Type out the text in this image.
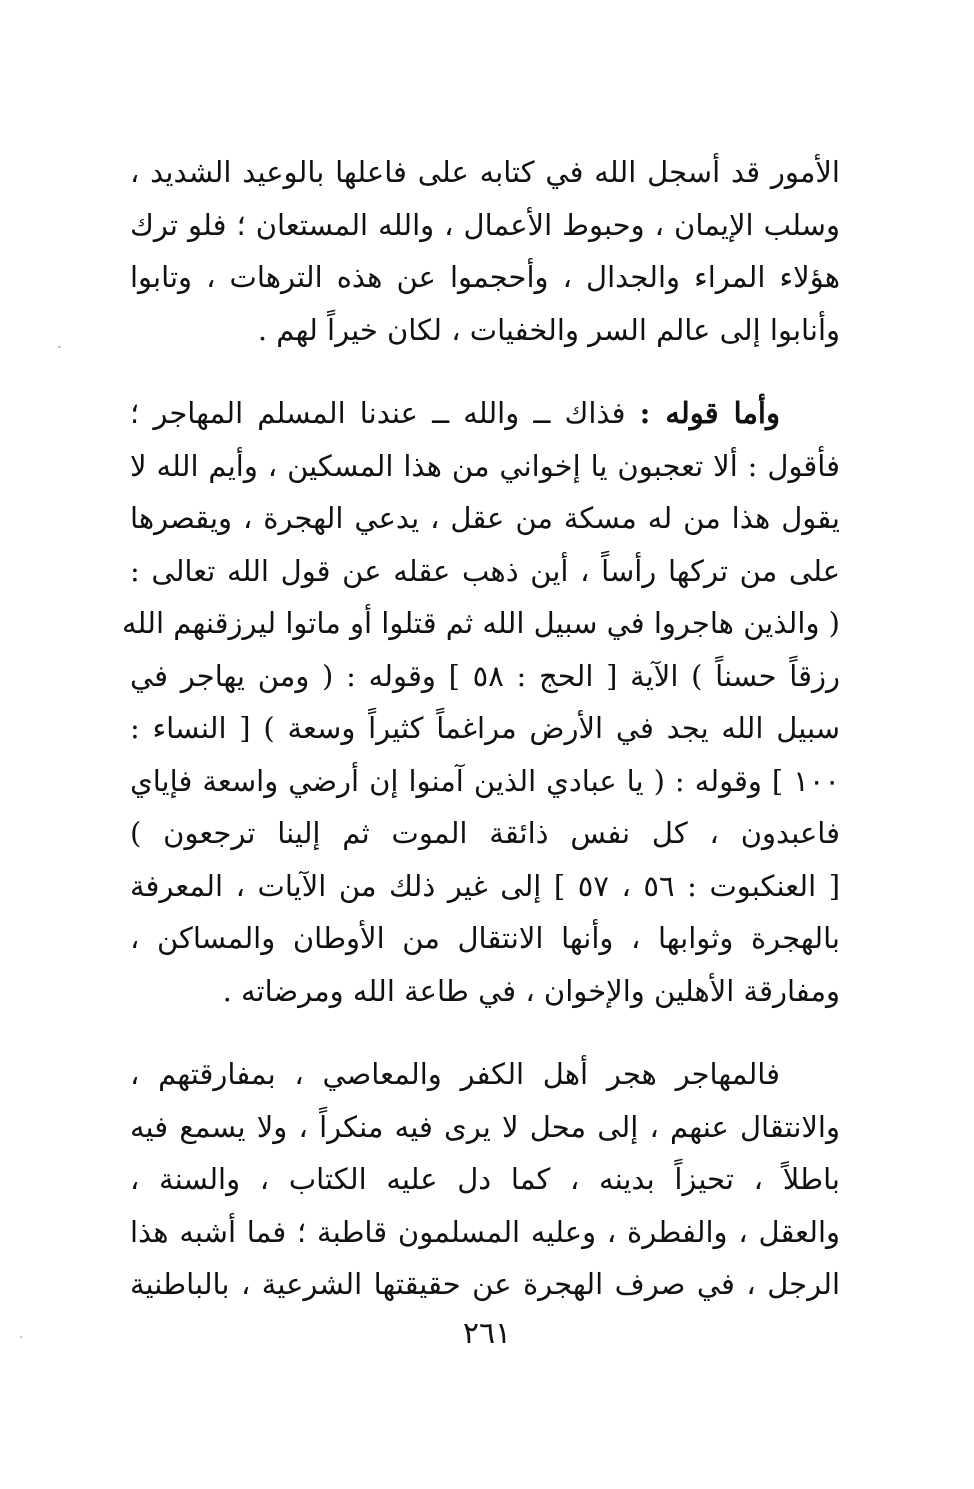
الأمور قد أسجل الله في كتابه على فاعلها بالوعيد الشديد ،
وسلب الإيمان ، وحبوط الأعمال ، والله المستعان ؛ فلو ترك
هؤلاء المراء والجدال ، وأحجموا عن هذه الترهات ، وتابوا
وأنابوا إلى عالم السر والخفيات ، لكان خيراً لهم .
وأما قوله : فذاك ــ والله ــ عندنا المسلم المهاجر ؛
فأقول : ألا تعجبون يا إخواني من هذا المسكين ، وأيم الله لا
يقول هذا من له مسكة من عقل ، يدعي الهجرة ، ويقصرها
على من تركها رأساً ، أين ذهب عقله عن قول الله تعالى :
( والذين هاجروا في سبيل الله ثم قتلوا أو ماتوا ليرزقنهم الله
رزقاً حسناً ) الآية [ الحج : ٥٨ ] وقوله : ( ومن يهاجر في
سبيل الله يجد في الأرض مراغماً كثيراً وسعة ) [ النساء :
١٠٠ ] وقوله : ( يا عبادي الذين آمنوا إن أرضي واسعة فإياي
فاعبدون ، كل نفس ذائقة الموت ثم إلينا ترجعون )
[ العنكبوت : ٥٦ ، ٥٧ ] إلى غير ذلك من الآيات ، المعرفة
بالهجرة وثوابها ، وأنها الانتقال من الأوطان والمساكن ،
ومفارقة الأهلين والإخوان ، في طاعة الله ومرضاته .
فالمهاجر هجر أهل الكفر والمعاصي ، بمفارقتهم ،
والانتقال عنهم ، إلى محل لا يرى فيه منكراً ، ولا يسمع فيه
باطلاً ، تحيزاً بدينه ، كما دل عليه الكتاب ، والسنة ،
والعقل ، والفطرة ، وعليه المسلمون قاطبة ؛ فما أشبه هذا
الرجل ، في صرف الهجرة عن حقيقتها الشرعية ، بالباطنية
٢٦١
